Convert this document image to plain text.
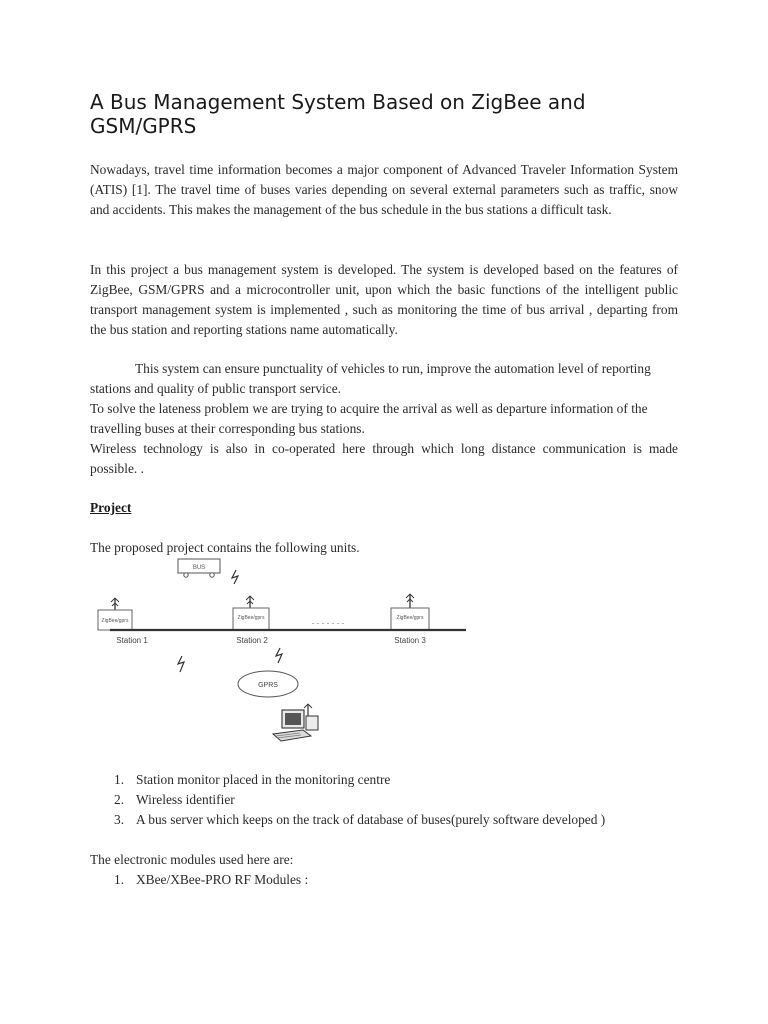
A Bus Management System Based on ZigBee and GSM/GPRS

Nowadays, travel time information becomes a major component of Advanced Traveler Information System (ATIS) [1]. The travel time of buses varies depending on several external parameters such as traffic, snow and accidents. This makes the management of the bus schedule in the bus stations a difficult task.

In this project a bus management system is developed. The system is developed based on the features of ZigBee, GSM/GPRS and a microcontroller unit, upon which the basic functions of the intelligent public transport management system is implemented , such as monitoring the time of bus arrival , departing from the bus station and reporting stations name automatically.

This system can ensure punctuality of vehicles to run, improve the automation level of reporting stations and quality of public transport service.

To solve the lateness problem we are trying to acquire the arrival as well as departure information of the travelling buses at their corresponding bus stations.

Wireless technology is also in co-operated here through which long distance communication is made possible. .

Project

The proposed project contains the following units.

BUS
ZigBee/gprs	ZigBee/gprs	. . . . . . .	ZigBee/gprs
Station 1	Station 2	Station 3
GPRS
1. Station monitor placed in the monitoring centre
2. Wireless identifier
3. A bus server which keeps on the track of database of buses(purely software developed )

The electronic modules used here are:

1. XBee/XBee-PRO RF Modules :
